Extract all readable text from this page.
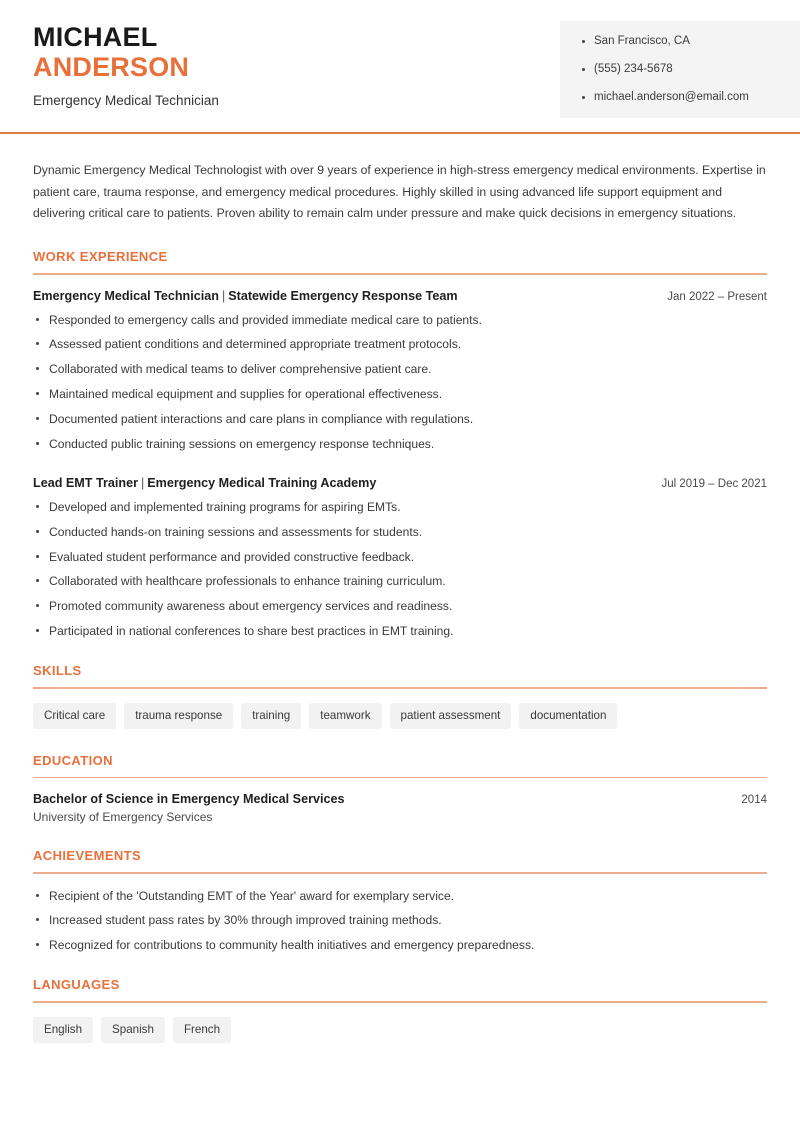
MICHAEL
ANDERSON
Emergency Medical Technician
San Francisco, CA
(555) 234-5678
michael.anderson@email.com

Dynamic Emergency Medical Technologist with over 9 years of experience in high-stress emergency medical environments. Expertise in patient care, trauma response, and emergency medical procedures. Highly skilled in using advanced life support equipment and delivering critical care to patients. Proven ability to remain calm under pressure and make quick decisions in emergency situations.

WORK EXPERIENCE
Emergency Medical Technician | Statewide Emergency Response Team	Jan 2022 – Present
Responded to emergency calls and provided immediate medical care to patients.
Assessed patient conditions and determined appropriate treatment protocols.
Collaborated with medical teams to deliver comprehensive patient care.
Maintained medical equipment and supplies for operational effectiveness.
Documented patient interactions and care plans in compliance with regulations.
Conducted public training sessions on emergency response techniques.
Lead EMT Trainer | Emergency Medical Training Academy	Jul 2019 – Dec 2021
Developed and implemented training programs for aspiring EMTs.
Conducted hands-on training sessions and assessments for students.
Evaluated student performance and provided constructive feedback.
Collaborated with healthcare professionals to enhance training curriculum.
Promoted community awareness about emergency services and readiness.
Participated in national conferences to share best practices in EMT training.
SKILLS
Critical care	trauma response	training	teamwork	patient assessment	documentation
EDUCATION
Bachelor of Science in Emergency Medical Services	2014
University of Emergency Services
ACHIEVEMENTS
Recipient of the 'Outstanding EMT of the Year' award for exemplary service.
Increased student pass rates by 30% through improved training methods.
Recognized for contributions to community health initiatives and emergency preparedness.
LANGUAGES
English	Spanish	French
